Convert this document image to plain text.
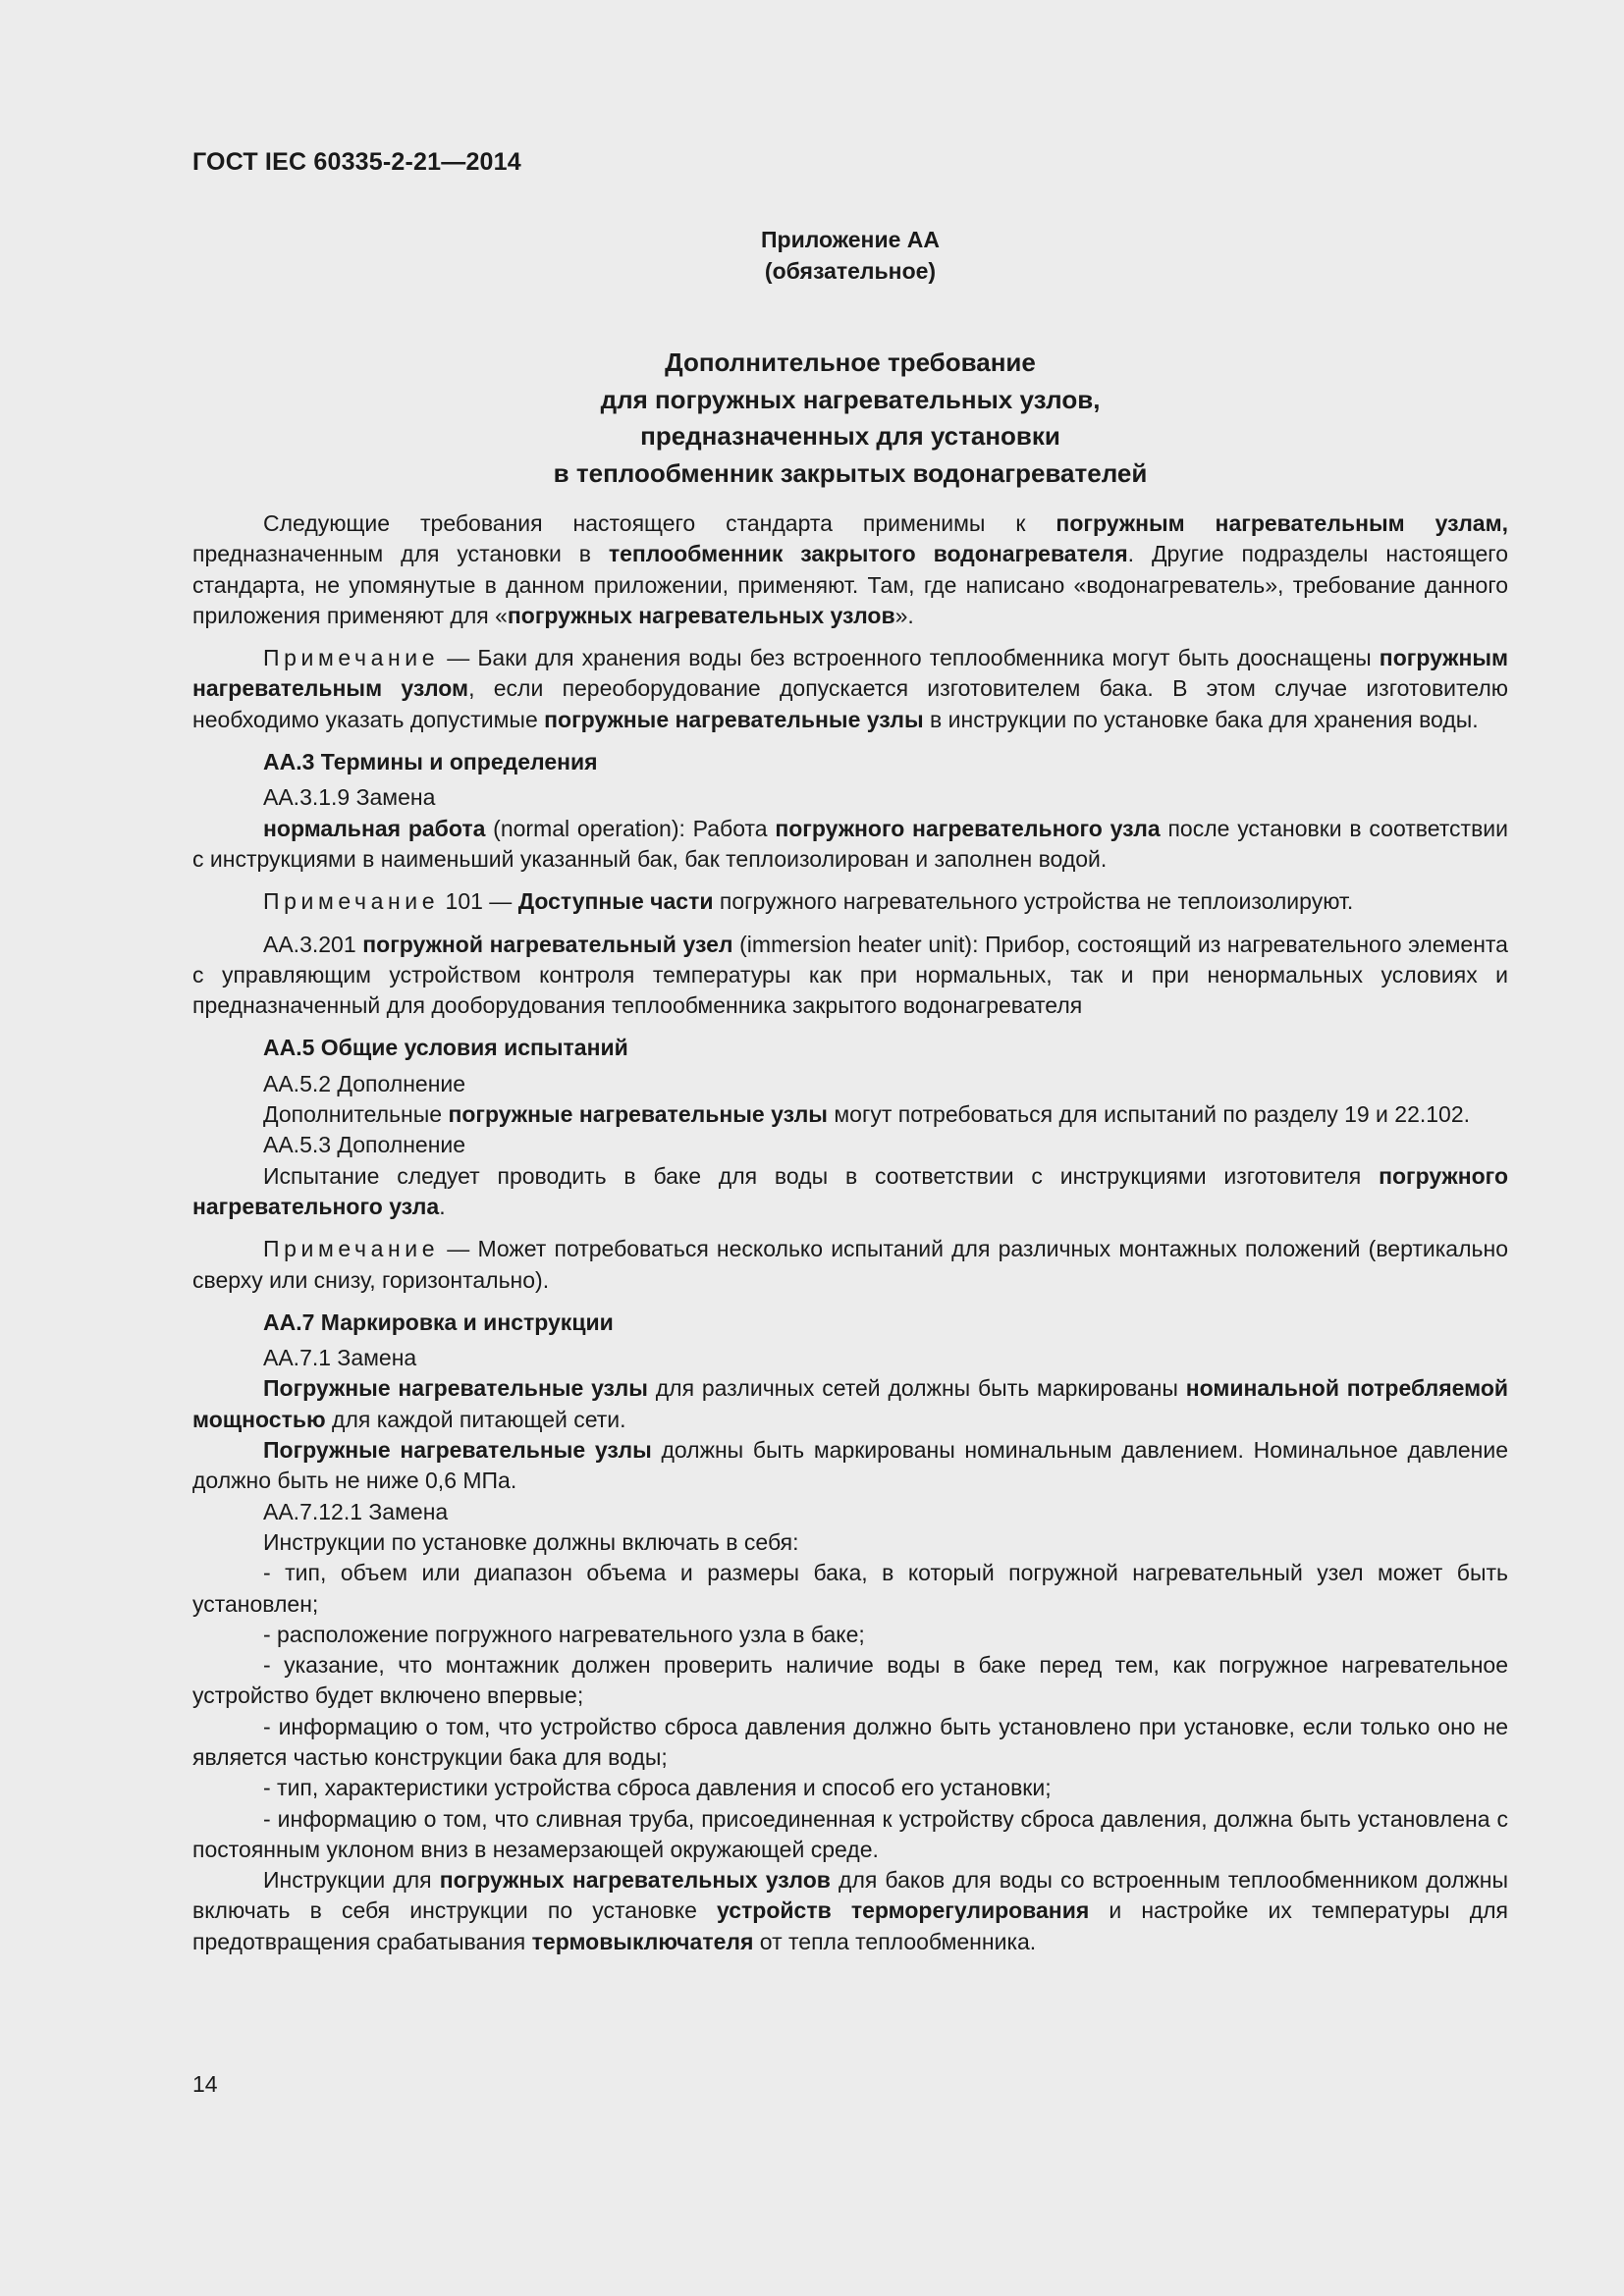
ГОСТ IEC 60335-2-21—2014
Приложение АА
(обязательное)
Дополнительное требование
для погружных нагревательных узлов,
предназначенных для установки
в теплообменник закрытых водонагревателей

Следующие требования настоящего стандарта применимы к погружным нагревательным узлам, предназначенным для установки в теплообменник закрытого водонагревателя. Другие подразделы настоящего стандарта, не упомянутые в данном приложении, применяют. Там, где написано «водонагреватель», требование данного приложения применяют для «погружных нагревательных узлов».

Примечание — Баки для хранения воды без встроенного теплообменника могут быть дооснащены погружным нагревательным узлом, если переоборудование допускается изготовителем бака. В этом случае изготовителю необходимо указать допустимые погружные нагревательные узлы в инструкции по установке бака для хранения воды.

АА.3 Термины и определения

АА.3.1.9 Замена

нормальная работа (normal operation): Работа погружного нагревательного узла после установки в соответствии с инструкциями в наименьший указанный бак, бак теплоизолирован и заполнен водой.

Примечание 101 — Доступные части погружного нагревательного устройства не теплоизолируют.

АА.3.201 погружной нагревательный узел (immersion heater unit): Прибор, состоящий из нагревательного элемента с управляющим устройством контроля температуры как при нормальных, так и при ненормальных условиях и предназначенный для дооборудования теплообменника закрытого водонагревателя

АА.5 Общие условия испытаний

АА.5.2 Дополнение

Дополнительные погружные нагревательные узлы могут потребоваться для испытаний по разделу 19 и 22.102.

АА.5.3 Дополнение

Испытание следует проводить в баке для воды в соответствии с инструкциями изготовителя погружного нагревательного узла.

Примечание — Может потребоваться несколько испытаний для различных монтажных положений (вертикально сверху или снизу, горизонтально).

АА.7 Маркировка и инструкции

АА.7.1 Замена

Погружные нагревательные узлы для различных сетей должны быть маркированы номинальной потребляемой мощностью для каждой питающей сети.

Погружные нагревательные узлы должны быть маркированы номинальным давлением. Номинальное давление должно быть не ниже 0,6 МПа.

АА.7.12.1 Замена

Инструкции по установке должны включать в себя:

- тип, объем или диапазон объема и размеры бака, в который погружной нагревательный узел может быть установлен;

- расположение погружного нагревательного узла в баке;

- указание, что монтажник должен проверить наличие воды в баке перед тем, как погружное нагревательное устройство будет включено впервые;

- информацию о том, что устройство сброса давления должно быть установлено при установке, если только оно не является частью конструкции бака для воды;

- тип, характеристики устройства сброса давления и способ его установки;

- информацию о том, что сливная труба, присоединенная к устройству сброса давления, должна быть установлена с постоянным уклоном вниз в незамерзающей окружающей среде.

Инструкции для погружных нагревательных узлов для баков для воды со встроенным теплообменником должны включать в себя инструкции по установке устройств терморегулирования и настройке их температуры для предотвращения срабатывания термовыключателя от тепла теплообменника.

14
